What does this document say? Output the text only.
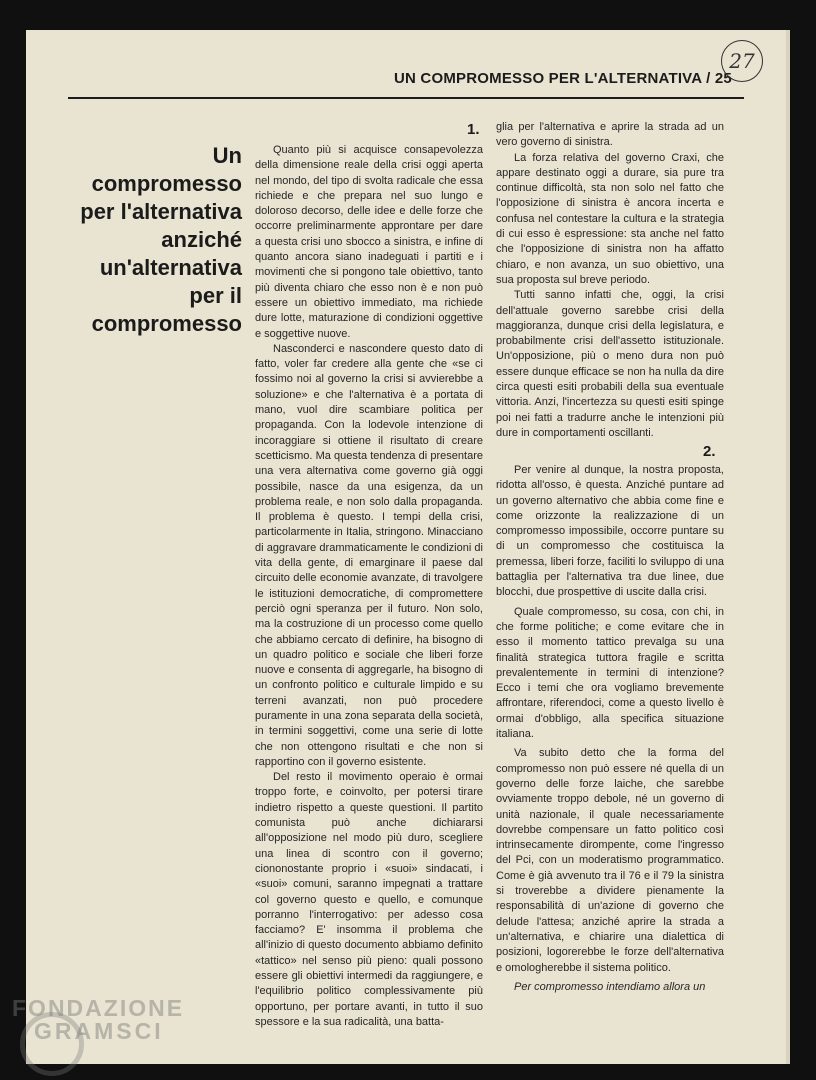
UN COMPROMESSO PER L'ALTERNATIVA / 25
27
Un
compromesso
per l'alternativa
anziché
un'alternativa
per il
compromesso
1.

Quanto più si acquisce consapevolezza della dimensione reale della crisi oggi aperta nel mondo, del tipo di svolta radicale che essa richiede e che prepara nel suo lungo e doloroso decorso, delle idee e delle forze che occorre preliminarmente approntare per dare a questa crisi uno sbocco a sinistra, e infine di quanto ancora siano inadeguati i partiti e i movimenti che si pongono tale obiettivo, tanto più diventa chiaro che esso non è e non può essere un obiettivo immediato, ma richiede dure lotte, maturazione di condizioni oggettive e soggettive nuove.

Nasconderci e nascondere questo dato di fatto, voler far credere alla gente che «se ci fossimo noi al governo la crisi si avvierebbe a soluzione» e che l'alternativa è a portata di mano, vuol dire scambiare politica per propaganda. Con la lodevole intenzione di incoraggiare si ottiene il risultato di creare scetticismo. Ma questa tendenza di presentare una vera alternativa come governo già oggi possibile, nasce da una esigenza, da un problema reale, e non solo dalla propaganda. Il problema è questo. I tempi della crisi, particolarmente in Italia, stringono. Minacciano di aggravare drammaticamente le condizioni di vita della gente, di emarginare il paese dal circuito delle economie avanzate, di travolgere le istituzioni democratiche, di compromettere perciò ogni speranza per il futuro. Non solo, ma la costruzione di un processo come quello che abbiamo cercato di definire, ha bisogno di un quadro politico e sociale che liberi forze nuove e consenta di aggregarle, ha bisogno di un confronto politico e culturale limpido e su terreni avanzati, non può procedere puramente in una zona separata della società, in termini soggettivi, come una serie di lotte che non ottengono risultati e che non si rapportino con il governo esistente.

Del resto il movimento operaio è ormai troppo forte, e coinvolto, per potersi tirare indietro rispetto a queste questioni. Il partito comunista può anche dichiararsi all'opposizione nel modo più duro, scegliere una linea di scontro con il governo; ciononostante proprio i «suoi» sindacati, i «suoi» comuni, saranno impegnati a trattare col governo questo e quello, e comunque porranno l'interrogativo: per adesso cosa facciamo? E' insomma il problema che all'inizio di questo documento abbiamo definito «tattico» nel senso più pieno: quali possono essere gli obiettivi intermedi da raggiungere, e l'equilibrio politico complessivamente più opportuno, per portare avanti, in tutto il suo spessore e la sua radicalità, una batta-

glia per l'alternativa e aprire la strada ad un vero governo di sinistra.

La forza relativa del governo Craxi, che appare destinato oggi a durare, sia pure tra continue difficoltà, sta non solo nel fatto che l'opposizione di sinistra è ancora incerta e confusa nel contestare la cultura e la strategia di cui esso è espressione: sta anche nel fatto che l'opposizione di sinistra non ha affatto chiaro, e non avanza, un suo obiettivo, una sua proposta sul breve periodo.

Tutti sanno infatti che, oggi, la crisi dell'attuale governo sarebbe crisi della maggioranza, dunque crisi della legislatura, e probabilmente crisi dell'assetto istituzionale. Un'opposizione, più o meno dura non può essere dunque efficace se non ha nulla da dire circa questi esiti probabili della sua eventuale vittoria. Anzi, l'incertezza su questi esiti spinge poi nei fatti a tradurre anche le intenzioni più dure in comportamenti oscillanti.

Per venire al dunque, la nostra proposta, ridotta all'osso, è questa. Anziché puntare ad un governo alternativo che abbia come fine e come orizzonte la realizzazione di un compromesso impossibile, occorre puntare su di un compromesso che costituisca la premessa, liberi forze, faciliti lo sviluppo di una battaglia per l'alternativa tra due linee, due blocchi, due prospettive di uscite dalla crisi.

Quale compromesso, su cosa, con chi, in che forme politiche; e come evitare che in esso il momento tattico prevalga su una finalità strategica tuttora fragile e scritta prevalentemente in termini di intenzione? Ecco i temi che ora vogliamo brevemente affrontare, riferendoci, come a questo livello è ormai d'obbligo, alla specifica situazione italiana.

Va subito detto che la forma del compromesso non può essere né quella di un governo delle forze laiche, che sarebbe ovviamente troppo debole, né un governo di unità nazionale, il quale necessariamente dovrebbe compensare un fatto politico così intrinsecamente dirompente, come l'ingresso del Pci, con un moderatismo programmatico. Come è già avvenuto tra il 76 e il 79 la sinistra si troverebbe a dividere pienamente la responsabilità di un'azione di governo che delude l'attesa; anziché aprire la strada a un'alternativa, e chiarire una dialettica di posizioni, logorerebbe le forze dell'alternativa e omologherebbe il sistema politico.

Per compromesso intendiamo allora un

2.
FONDAZIONE
GRAMSCI
